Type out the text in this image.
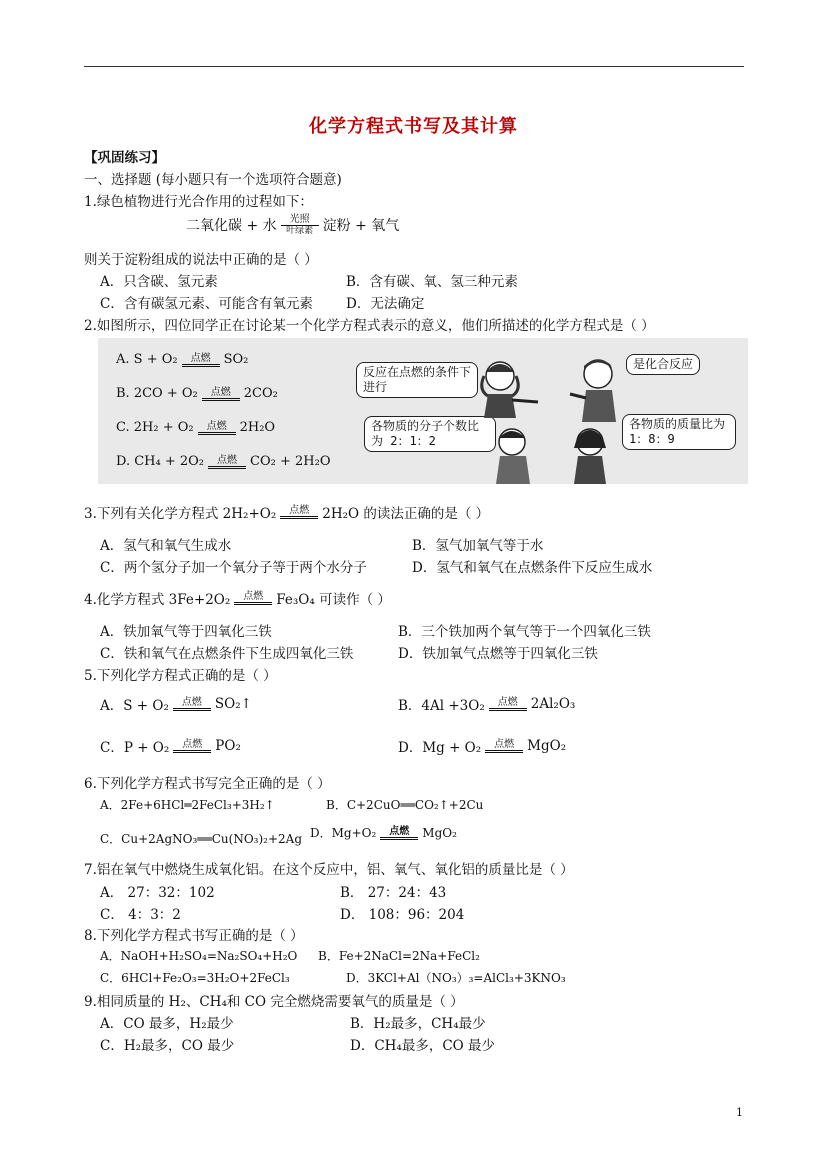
化学方程式书写及其计算
【巩固练习】
一、选择题 (每小题只有一个选项符合题意)
1.绿色植物进行光合作用的过程如下：
二氧化碳 + 水 光照
叶绿素 淀粉 + 氧气
则关于淀粉组成的说法中正确的是（ ）
A．只含碳、氢元素	B．含有碳、氧、氢三种元素
C．含有碳氢元素、可能含有氧元素 D．无法确定
2.如图所示，四位同学正在讨论某一个化学方程式表示的意义，他们所描述的化学方程式是（ ）
A. S + O₂ 点燃 SO₂
B. 2CO + O₂ 点燃 2CO₂
C. 2H₂ + O₂ 点燃 2H₂O
D. CH₄ + 2O₂ 点燃 CO₂ + 2H₂O
反应在点燃的条件下进行
是化合反应
各物质的分子个数比为 2：1：2
各物质的质量比为 1：8：9
3.下列有关化学方程式 2H₂+O₂ 点燃 2H₂O 的读法正确的是（ ）
A．氢气和氧气生成水	B．氢气加氧气等于水
C．两个氢分子加一个氧分子等于两个水分子	D．氢气和氧气在点燃条件下反应生成水
4.化学方程式 3Fe+2O₂ 点燃 Fe₃O₄ 可读作（ ）
A．铁加氧气等于四氧化三铁	B．三个铁加两个氧气等于一个四氧化三铁
C．铁和氧气在点燃条件下生成四氧化三铁	D．铁加氧气点燃等于四氧化三铁
5.下列化学方程式正确的是（ ）
A．S + O₂ 点燃 SO₂↑	B．4Al +3O₂ 点燃 2Al₂O₃
C．P + O₂ 点燃 PO₂	D．Mg + O₂ 点燃 MgO₂
6.下列化学方程式书写完全正确的是（ ）
A．2Fe+6HCl═2FeCl₃+3H₂↑	B．C+2CuO══CO₂↑+2Cu
C．Cu+2AgNO₃══Cu(NO₃)₂+2Ag D．Mg+O₂ 点燃 MgO₂
7.铝在氧气中燃烧生成氧化铝。在这个反应中，铝、氧气、氧化铝的质量比是（ ）
A． 27：32：102	B． 27：24：43
C． 4：3：2	D． 108：96：204
8.下列化学方程式书写正确的是（ ）
A．NaOH+H₂SO₄=Na₂SO₄+H₂O B．Fe+2NaCl=2Na+FeCl₂
C．6HCl+Fe₂O₃=3H₂O+2FeCl₃	D．3KCl+Al（NO₃）₃=AlCl₃+3KNO₃
9.相同质量的 H₂、CH₄和 CO 完全燃烧需要氧气的质量是（ ）
A．CO 最多，H₂最少	B．H₂最多，CH₄最少
C．H₂最多，CO 最少	D．CH₄最多，CO 最少
1
